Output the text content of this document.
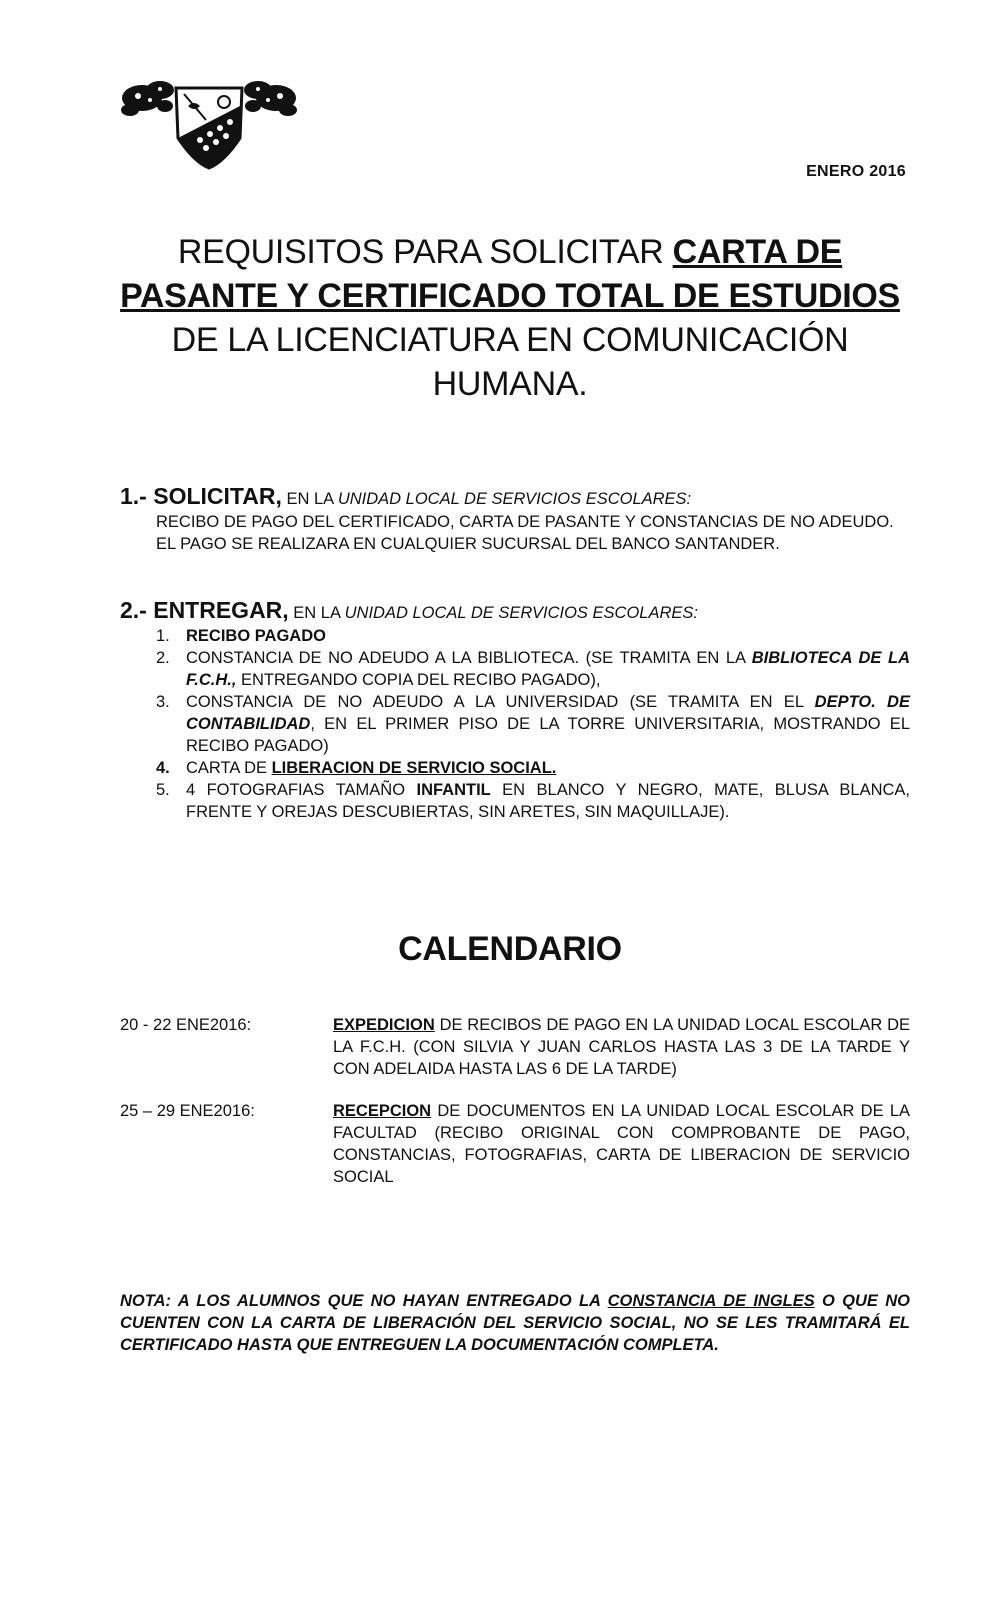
ENERO 2016
REQUISITOS PARA SOLICITAR CARTA DE PASANTE Y CERTIFICADO TOTAL DE ESTUDIOS
DE LA LICENCIATURA EN COMUNICACIÓN HUMANA.
1.- SOLICITAR, EN LA UNIDAD LOCAL DE SERVICIOS ESCOLARES:

RECIBO DE PAGO DEL CERTIFICADO, CARTA DE PASANTE Y CONSTANCIAS DE NO ADEUDO.

EL PAGO SE REALIZARA EN CUALQUIER SUCURSAL DEL BANCO SANTANDER.

2.- ENTREGAR, EN LA UNIDAD LOCAL DE SERVICIOS ESCOLARES:
1. RECIBO PAGADO
2. CONSTANCIA DE NO ADEUDO A LA BIBLIOTECA. (SE TRAMITA EN LA BIBLIOTECA DE LA F.C.H., ENTREGANDO COPIA DEL RECIBO PAGADO),
3. CONSTANCIA DE NO ADEUDO A LA UNIVERSIDAD (SE TRAMITA EN EL DEPTO. DE CONTABILIDAD, EN EL PRIMER PISO DE LA TORRE UNIVERSITARIA, MOSTRANDO EL RECIBO PAGADO)
4. CARTA DE LIBERACION DE SERVICIO SOCIAL.
5. 4 FOTOGRAFIAS TAMAÑO INFANTIL EN BLANCO Y NEGRO, MATE, BLUSA BLANCA, FRENTE Y OREJAS DESCUBIERTAS, SIN ARETES, SIN MAQUILLAJE).
CALENDARIO
20 - 22 ENE2016:	EXPEDICION DE RECIBOS DE PAGO EN LA UNIDAD LOCAL ESCOLAR DE LA F.C.H. (CON SILVIA Y JUAN CARLOS HASTA LAS 3 DE LA TARDE Y CON ADELAIDA HASTA LAS 6 DE LA TARDE)
25 – 29 ENE2016:	RECEPCION DE DOCUMENTOS EN LA UNIDAD LOCAL ESCOLAR DE LA FACULTAD (RECIBO ORIGINAL CON COMPROBANTE DE PAGO, CONSTANCIAS, FOTOGRAFIAS, CARTA DE LIBERACION DE SERVICIO SOCIAL
NOTA: A LOS ALUMNOS QUE NO HAYAN ENTREGADO LA CONSTANCIA DE INGLES O QUE NO CUENTEN CON LA CARTA DE LIBERACIÓN DEL SERVICIO SOCIAL, NO SE LES TRAMITARÁ EL CERTIFICADO HASTA QUE ENTREGUEN LA DOCUMENTACIÓN COMPLETA.
